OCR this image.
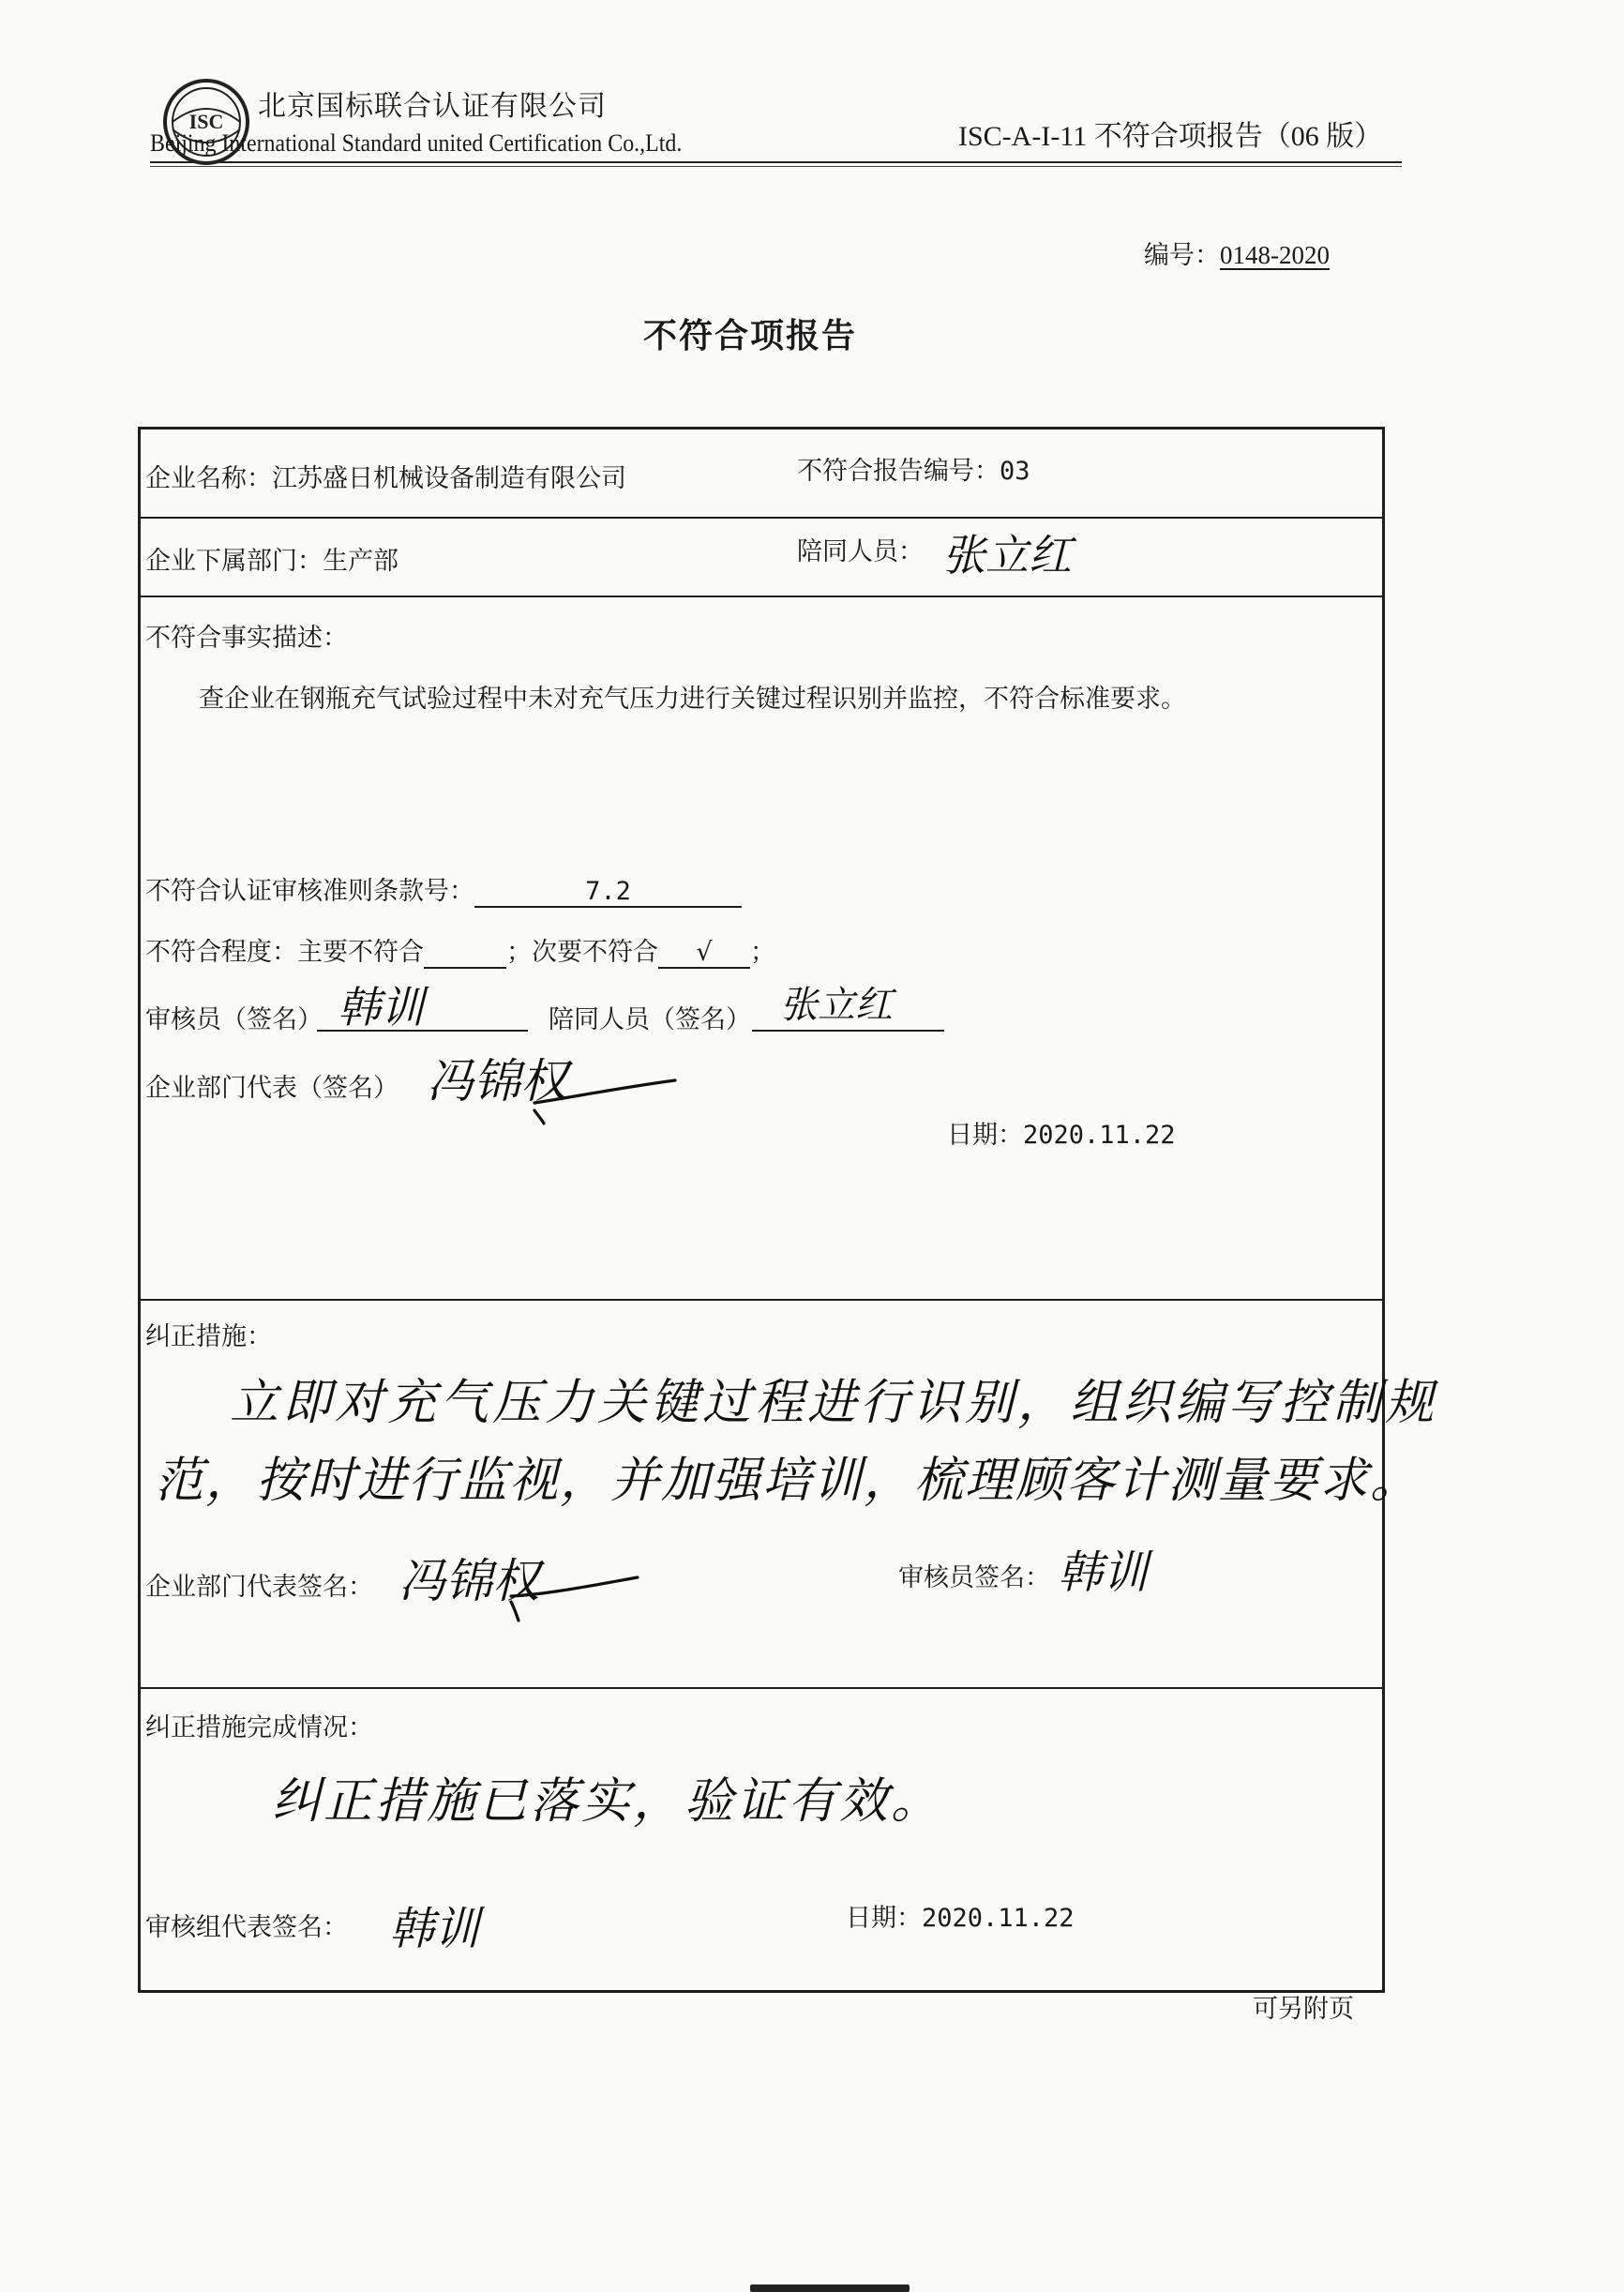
ISC 北京国标联合认证有限公司
Beijing International Standard united Certification Co.,Ltd.	ISC-A-I-11 不符合项报告（06 版）
编号：0148-2020
不符合项报告
企业名称：江苏盛日机械设备制造有限公司	不符合报告编号：03
企业下属部门：生产部	陪同人员： 张立红
不符合事实描述：
查企业在钢瓶充气试验过程中未对充气压力进行关键过程识别并监控，不符合标准要求。
不符合认证审核准则条款号：	7.2
不符合程度：主要不符合	；次要不符合 √ ；
审核员（签名） 韩训	陪同人员（签名） 张立红
企业部门代表（签名） 冯锦权
日期：2020.11.22
纠正措施：
立即对充气压力关键过程进行识别，组织编写控制规
范，按时进行监视，并加强培训，梳理顾客计测量要求。
企业部门代表签名： 冯锦权	审核员签名： 韩训
纠正措施完成情况：
纠正措施已落实，验证有效。
审核组代表签名： 韩训	日期：2020.11.22
可另附页
